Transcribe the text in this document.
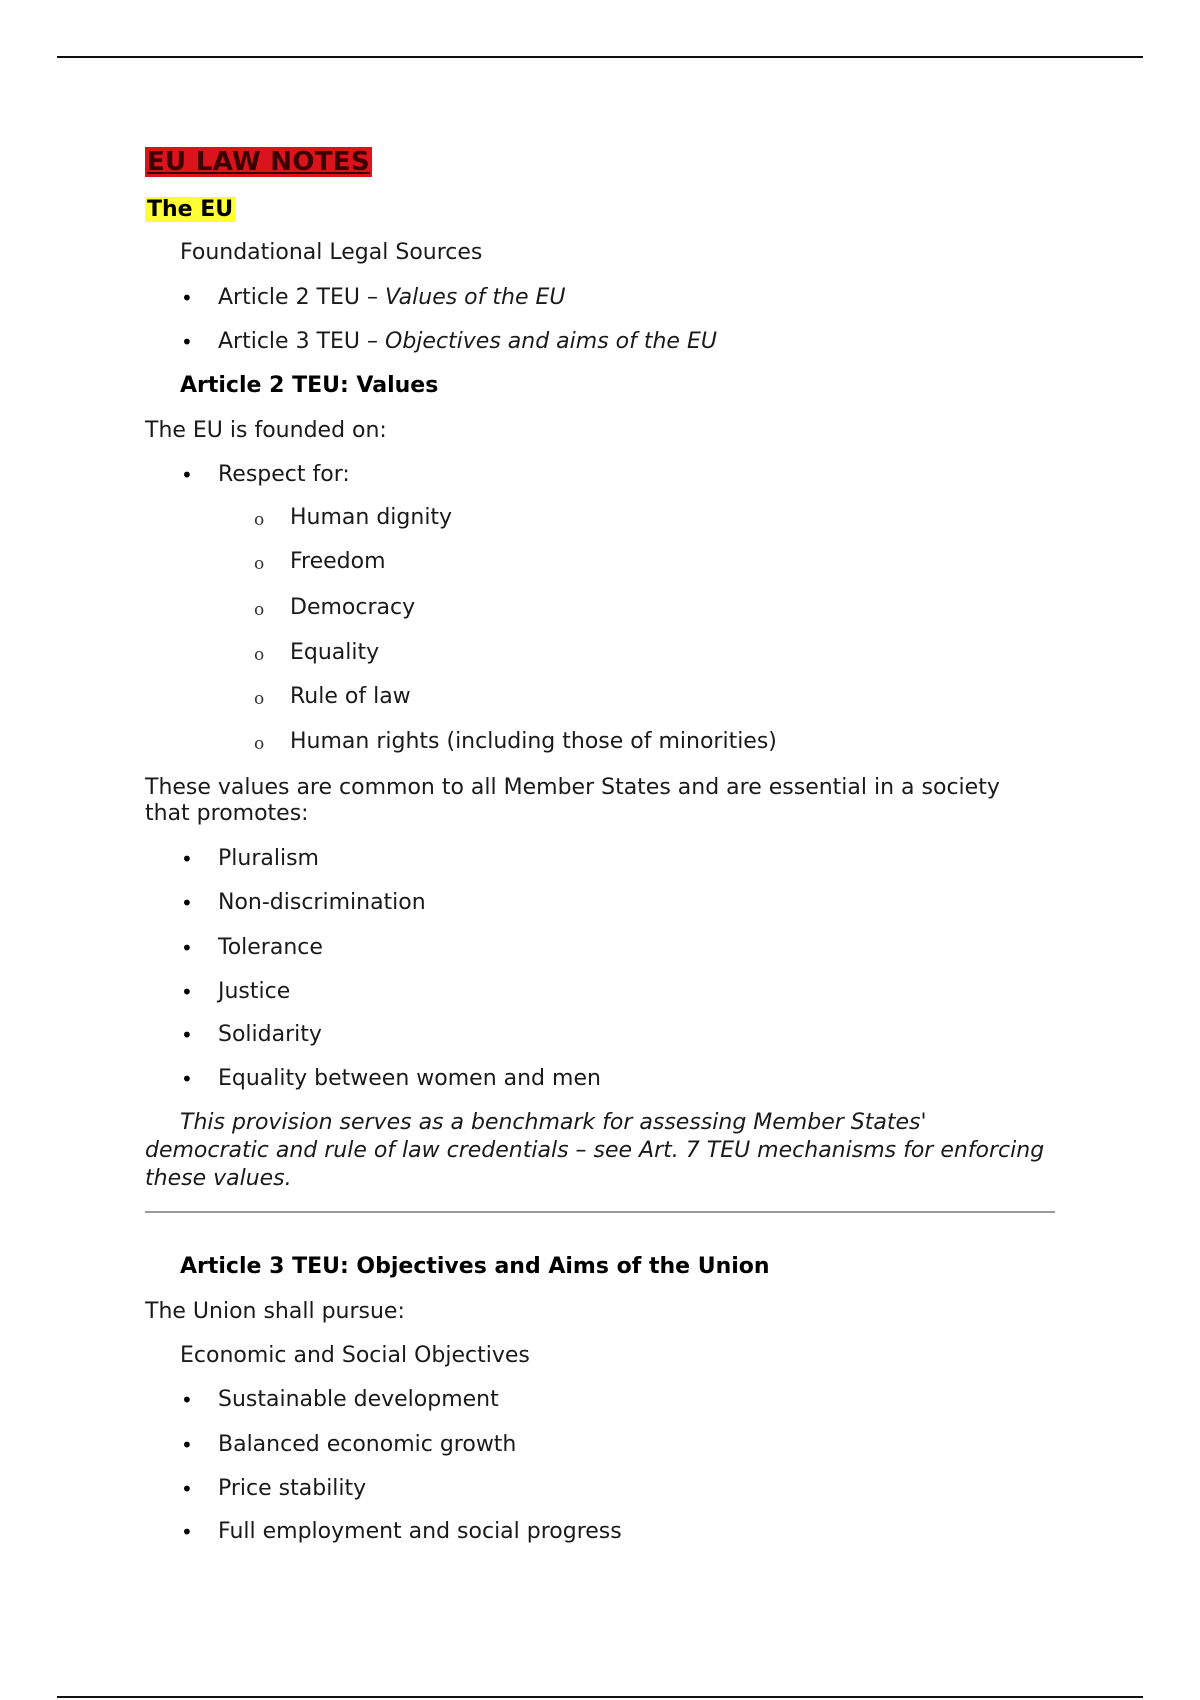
EU LAW NOTES
The EU
Foundational Legal Sources
• Article 2 TEU – Values of the EU
• Article 3 TEU – Objectives and aims of the EU
Article 2 TEU: Values
The EU is founded on:
• Respect for:
o Human dignity
o Freedom
o Democracy
o Equality
o Rule of law
o Human rights (including those of minorities)
These values are common to all Member States and are essential in a society
that promotes:
• Pluralism
• Non-discrimination
• Tolerance
• Justice
• Solidarity
• Equality between women and men
This provision serves as a benchmark for assessing Member States'
democratic and rule of law credentials – see Art. 7 TEU mechanisms for enforcing
these values.
Article 3 TEU: Objectives and Aims of the Union
The Union shall pursue:
Economic and Social Objectives
• Sustainable development
• Balanced economic growth
• Price stability
• Full employment and social progress
